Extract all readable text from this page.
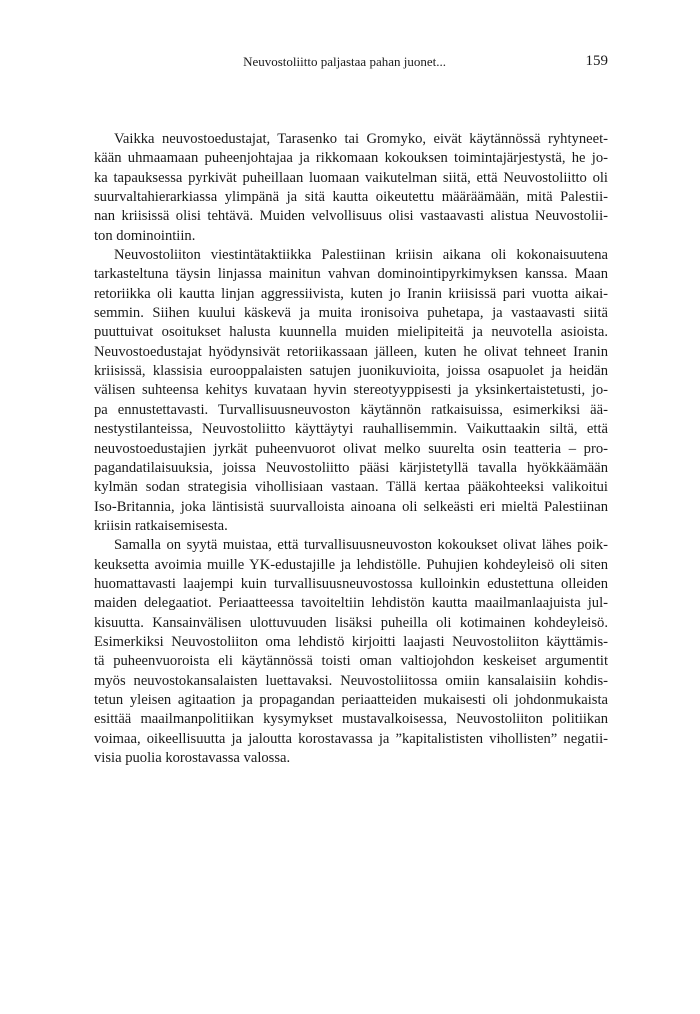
Neuvostoliitto paljastaa pahan juonet...	159
Vaikka neuvostoedustajat, Tarasenko tai Gromyko, eivät käytännössä ryhtyneet-
kään uhmaamaan puheenjohtajaa ja rikkomaan kokouksen toimintajärjestystä, he jo-
ka tapauksessa pyrkivät puheillaan luomaan vaikutelman siitä, että Neuvostoliitto oli
suurvaltahierarkiassa ylimpänä ja sitä kautta oikeutettu määräämään, mitä Palestii-
nan kriisissä olisi tehtävä. Muiden velvollisuus olisi vastaavasti alistua Neuvostolii-
ton dominointiin.
Neuvostoliiton viestintätaktiikka Palestiinan kriisin aikana oli kokonaisuutena
tarkasteltuna täysin linjassa mainitun vahvan dominointipyrkimyksen kanssa. Maan
retoriikka oli kautta linjan aggressiivista, kuten jo Iranin kriisissä pari vuotta aikai-
semmin. Siihen kuului käskevä ja muita ironisoiva puhetapa, ja vastaavasti siitä
puuttuivat osoitukset halusta kuunnella muiden mielipiteitä ja neuvotella asioista.
Neuvostoedustajat hyödynsivät retoriikassaan jälleen, kuten he olivat tehneet Iranin
kriisissä, klassisia eurooppalaisten satujen juonikuvioita, joissa osapuolet ja heidän
välisen suhteensa kehitys kuvataan hyvin stereotyyppisesti ja yksinkertaistetusti, jo-
pa ennustettavasti. Turvallisuusneuvoston käytännön ratkaisuissa, esimerkiksi ää-
nestystilanteissa, Neuvostoliitto käyttäytyi rauhallisemmin. Vaikuttaakin siltä, että
neuvostoedustajien jyrkät puheenvuorot olivat melko suurelta osin teatteria – pro-
pagandatilaisuuksia, joissa Neuvostoliitto pääsi kärjistetyllä tavalla hyökkäämään
kylmän sodan strategisia vihollisiaan vastaan. Tällä kertaa pääkohteeksi valikoitui
Iso-Britannia, joka läntisistä suurvalloista ainoana oli selkeästi eri mieltä Palestiinan
kriisin ratkaisemisesta.
Samalla on syytä muistaa, että turvallisuusneuvoston kokoukset olivat lähes poik-
keuksetta avoimia muille YK-edustajille ja lehdistölle. Puhujien kohdeyleisö oli siten
huomattavasti laajempi kuin turvallisuusneuvostossa kulloinkin edustettuna olleiden
maiden delegaatiot. Periaatteessa tavoiteltiin lehdistön kautta maailmanlaajuista jul-
kisuutta. Kansainvälisen ulottuvuuden lisäksi puheilla oli kotimainen kohdeyleisö.
Esimerkiksi Neuvostoliiton oma lehdistö kirjoitti laajasti Neuvostoliiton käyttämis-
tä puheenvuoroista eli käytännössä toisti oman valtiojohdon keskeiset argumentit
myös neuvostokansalaisten luettavaksi. Neuvostoliitossa omiin kansalaisiin kohdis-
tetun yleisen agitaation ja propagandan periaatteiden mukaisesti oli johdonmukaista
esittää maailmanpolitiikan kysymykset mustavalkoisessa, Neuvostoliiton politiikan
voimaa, oikeellisuutta ja jaloutta korostavassa ja ”kapitalististen vihollisten” negatii-
visia puolia korostavassa valossa.
